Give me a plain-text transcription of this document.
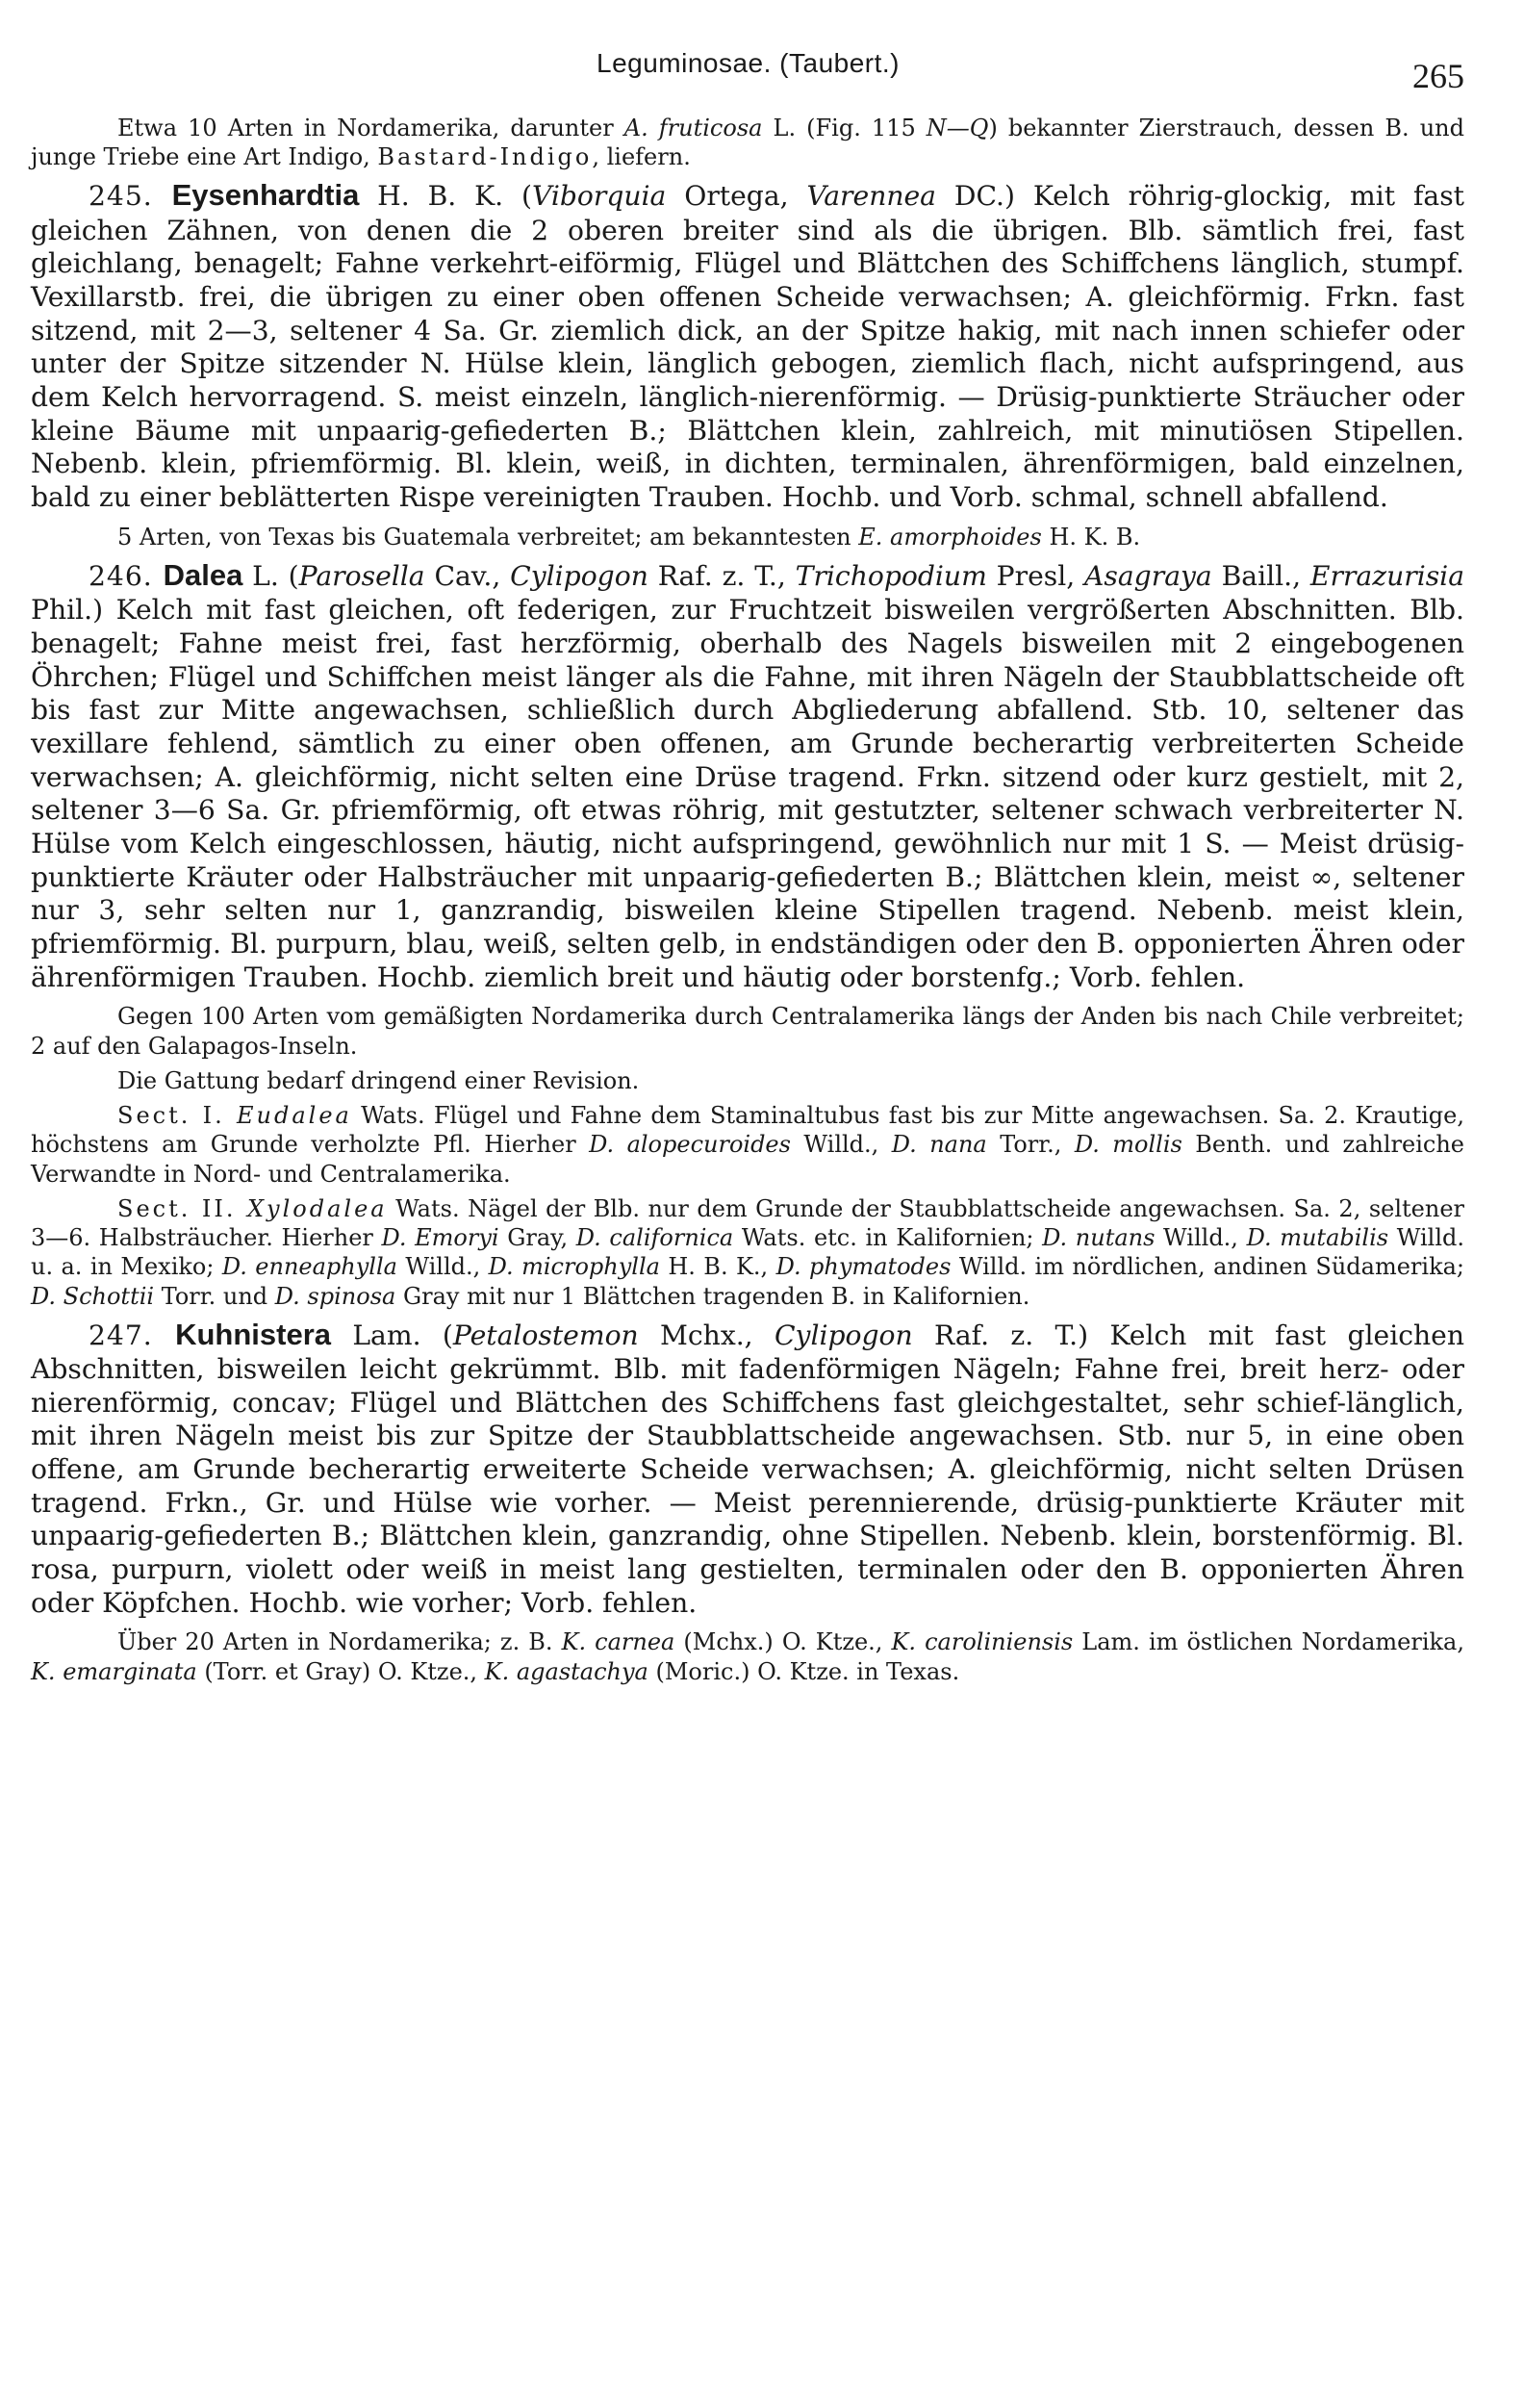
Leguminosae. (Taubert.)	265

Etwa 10 Arten in Nordamerika, darunter A. fruticosa L. (Fig. 115 N—Q) bekannter Zierstrauch, dessen B. und junge Triebe eine Art Indigo, Bastard-Indigo, liefern.

245. Eysenhardtia H. B. K. (Viborquia Ortega, Varennea DC.) Kelch röhrig-glockig, mit fast gleichen Zähnen, von denen die 2 oberen breiter sind als die übrigen. Blb. sämtlich frei, fast gleichlang, benagelt; Fahne verkehrt-eiförmig, Flügel und Blättchen des Schiffchens länglich, stumpf. Vexillarstb. frei, die übrigen zu einer oben offenen Scheide verwachsen; A. gleichförmig. Frkn. fast sitzend, mit 2—3, seltener 4 Sa. Gr. ziemlich dick, an der Spitze hakig, mit nach innen schiefer oder unter der Spitze sitzender N. Hülse klein, länglich gebogen, ziemlich flach, nicht aufspringend, aus dem Kelch hervorragend. S. meist einzeln, länglich-nierenförmig. — Drüsig-punktierte Sträucher oder kleine Bäume mit unpaarig-gefiederten B.; Blättchen klein, zahlreich, mit minutiösen Stipellen. Nebenb. klein, pfriemförmig. Bl. klein, weiß, in dichten, terminalen, ährenförmigen, bald einzelnen, bald zu einer beblätterten Rispe vereinigten Trauben. Hochb. und Vorb. schmal, schnell abfallend.

5 Arten, von Texas bis Guatemala verbreitet; am bekanntesten E. amorphoides H. K. B.

246. Dalea L. (Parosella Cav., Cylipogon Raf. z. T., Trichopodium Presl, Asagraya Baill., Errazurisia Phil.) Kelch mit fast gleichen, oft federigen, zur Fruchtzeit bisweilen vergrößerten Abschnitten. Blb. benagelt; Fahne meist frei, fast herzförmig, oberhalb des Nagels bisweilen mit 2 eingebogenen Öhrchen; Flügel und Schiffchen meist länger als die Fahne, mit ihren Nägeln der Staubblattscheide oft bis fast zur Mitte angewachsen, schließlich durch Abgliederung abfallend. Stb. 10, seltener das vexillare fehlend, sämtlich zu einer oben offenen, am Grunde becherartig verbreiterten Scheide verwachsen; A. gleichförmig, nicht selten eine Drüse tragend. Frkn. sitzend oder kurz gestielt, mit 2, seltener 3—6 Sa. Gr. pfriemförmig, oft etwas röhrig, mit gestutzter, seltener schwach verbreiterter N. Hülse vom Kelch eingeschlossen, häutig, nicht aufspringend, gewöhnlich nur mit 1 S. — Meist drüsig-punktierte Kräuter oder Halbsträucher mit unpaarig-gefiederten B.; Blättchen klein, meist ∞, seltener nur 3, sehr selten nur 1, ganzrandig, bisweilen kleine Stipellen tragend. Nebenb. meist klein, pfriemförmig. Bl. purpurn, blau, weiß, selten gelb, in endständigen oder den B. opponierten Ähren oder ährenförmigen Trauben. Hochb. ziemlich breit und häutig oder borstenfg.; Vorb. fehlen.

Gegen 100 Arten vom gemäßigten Nordamerika durch Centralamerika längs der Anden bis nach Chile verbreitet; 2 auf den Galapagos-Inseln.

Die Gattung bedarf dringend einer Revision.

Sect. I. Eudalea Wats. Flügel und Fahne dem Staminaltubus fast bis zur Mitte angewachsen. Sa. 2. Krautige, höchstens am Grunde verholzte Pfl. Hierher D. alopecuroides Willd., D. nana Torr., D. mollis Benth. und zahlreiche Verwandte in Nord- und Centralamerika.

Sect. II. Xylodalea Wats. Nägel der Blb. nur dem Grunde der Staubblattscheide angewachsen. Sa. 2, seltener 3—6. Halbsträucher. Hierher D. Emoryi Gray, D. californica Wats. etc. in Kalifornien; D. nutans Willd., D. mutabilis Willd. u. a. in Mexiko; D. enneaphylla Willd., D. microphylla H. B. K., D. phymatodes Willd. im nördlichen, andinen Südamerika; D. Schottii Torr. und D. spinosa Gray mit nur 1 Blättchen tragenden B. in Kalifornien.

247. Kuhnistera Lam. (Petalostemon Mchx., Cylipogon Raf. z. T.) Kelch mit fast gleichen Abschnitten, bisweilen leicht gekrümmt. Blb. mit fadenförmigen Nägeln; Fahne frei, breit herz- oder nierenförmig, concav; Flügel und Blättchen des Schiffchens fast gleichgestaltet, sehr schief-länglich, mit ihren Nägeln meist bis zur Spitze der Staubblattscheide angewachsen. Stb. nur 5, in eine oben offene, am Grunde becherartig erweiterte Scheide verwachsen; A. gleichförmig, nicht selten Drüsen tragend. Frkn., Gr. und Hülse wie vorher. — Meist perennierende, drüsig-punktierte Kräuter mit unpaarig-gefiederten B.; Blättchen klein, ganzrandig, ohne Stipellen. Nebenb. klein, borstenförmig. Bl. rosa, purpurn, violett oder weiß in meist lang gestielten, terminalen oder den B. opponierten Ähren oder Köpfchen. Hochb. wie vorher; Vorb. fehlen.

Über 20 Arten in Nordamerika; z. B. K. carnea (Mchx.) O. Ktze., K. caroliniensis Lam. im östlichen Nordamerika, K. emarginata (Torr. et Gray) O. Ktze., K. agastachya (Moric.) O. Ktze. in Texas.
